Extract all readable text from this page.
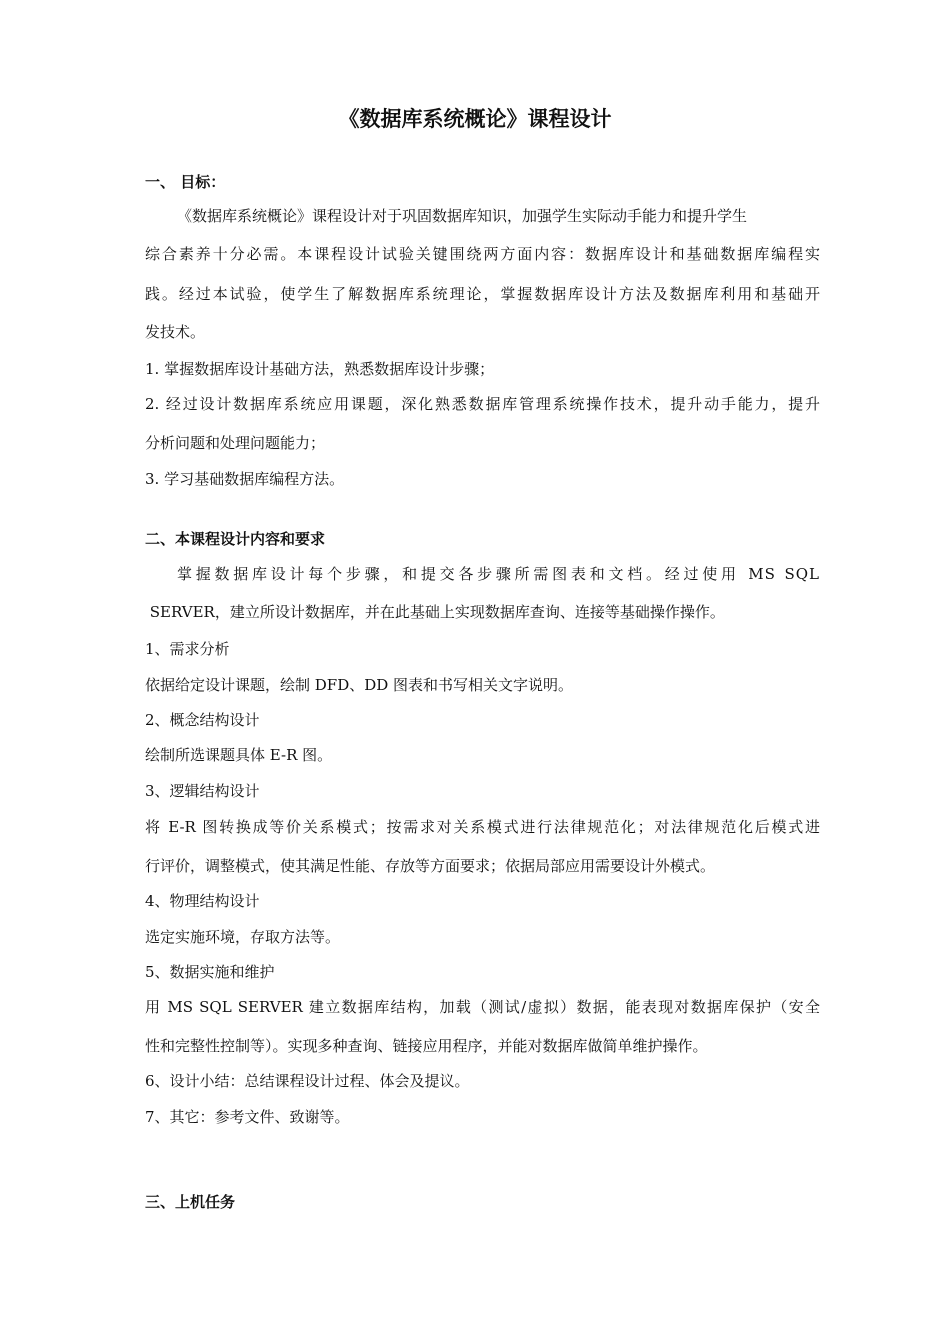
《数据库系统概论》课程设计
一、 目标：
《数据库系统概论》课程设计对于巩固数据库知识，加强学生实际动手能力和提升学生
综合素养十分必需。本课程设计试验关键围绕两方面内容：数据库设计和基础数据库编程实
践。经过本试验，使学生了解数据库系统理论，掌握数据库设计方法及数据库利用和基础开
发技术。
1. 掌握数据库设计基础方法，熟悉数据库设计步骤；
2. 经过设计数据库系统应用课题，深化熟悉数据库管理系统操作技术，提升动手能力，提升
分析问题和处理问题能力；
3. 学习基础数据库编程方法。
二、本课程设计内容和要求
掌握数据库设计每个步骤，和提交各步骤所需图表和文档。经过使用 MS SQL
SERVER，建立所设计数据库，并在此基础上实现数据库查询、连接等基础操作操作。
1、需求分析
依据给定设计课题，绘制 DFD、DD 图表和书写相关文字说明。
2、概念结构设计
绘制所选课题具体 E-R 图。
3、逻辑结构设计
将 E-R 图转换成等价关系模式；按需求对关系模式进行法律规范化；对法律规范化后模式进
行评价，调整模式，使其满足性能、存放等方面要求；依据局部应用需要设计外模式。
4、物理结构设计
选定实施环境，存取方法等。
5、数据实施和维护
用 MS SQL SERVER 建立数据库结构，加载（测试/虚拟）数据，能表现对数据库保护（安全
性和完整性控制等）。实现多种查询、链接应用程序，并能对数据库做简单维护操作。
6、设计小结：总结课程设计过程、体会及提议。
7、其它：参考文件、致谢等。
三、上机任务
